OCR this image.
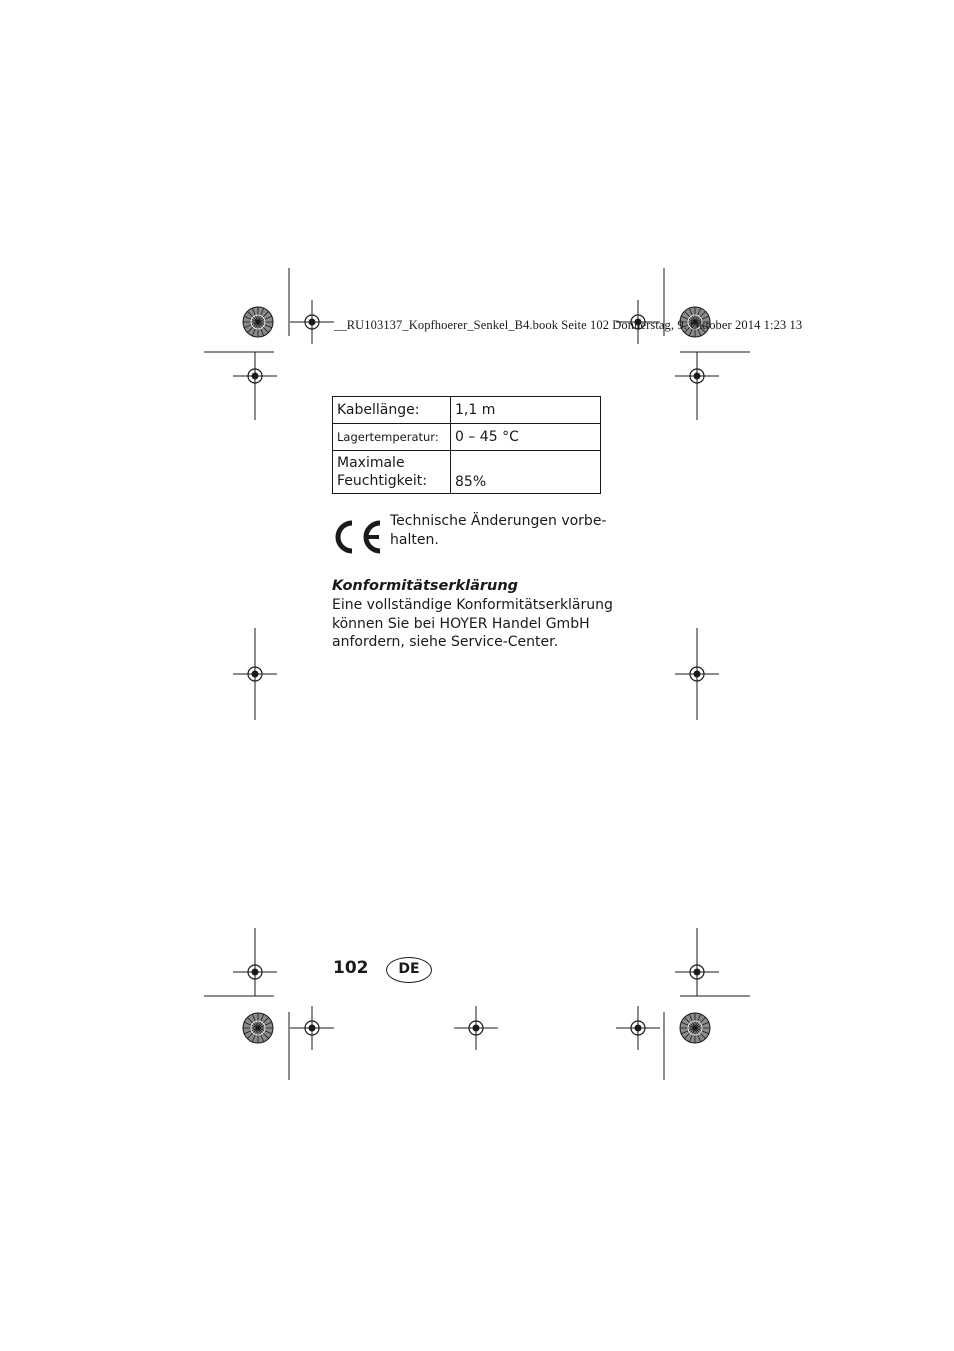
__RU103137_Kopfhoerer_Senkel_B4.book Seite 102 Donnerstag, 9. Oktober 2014 1:23 13
Kabellänge:	1,1 m
Lagertemperatur:	0 – 45 °C

Maximale
Feuchtigkeit:	85%
Technische Änderungen vorbe-
halten.
Konformitätserklärung

Eine vollständige Konformitätserklärung
können Sie bei HOYER Handel GmbH
anfordern, siehe Service-Center.

102	DE
